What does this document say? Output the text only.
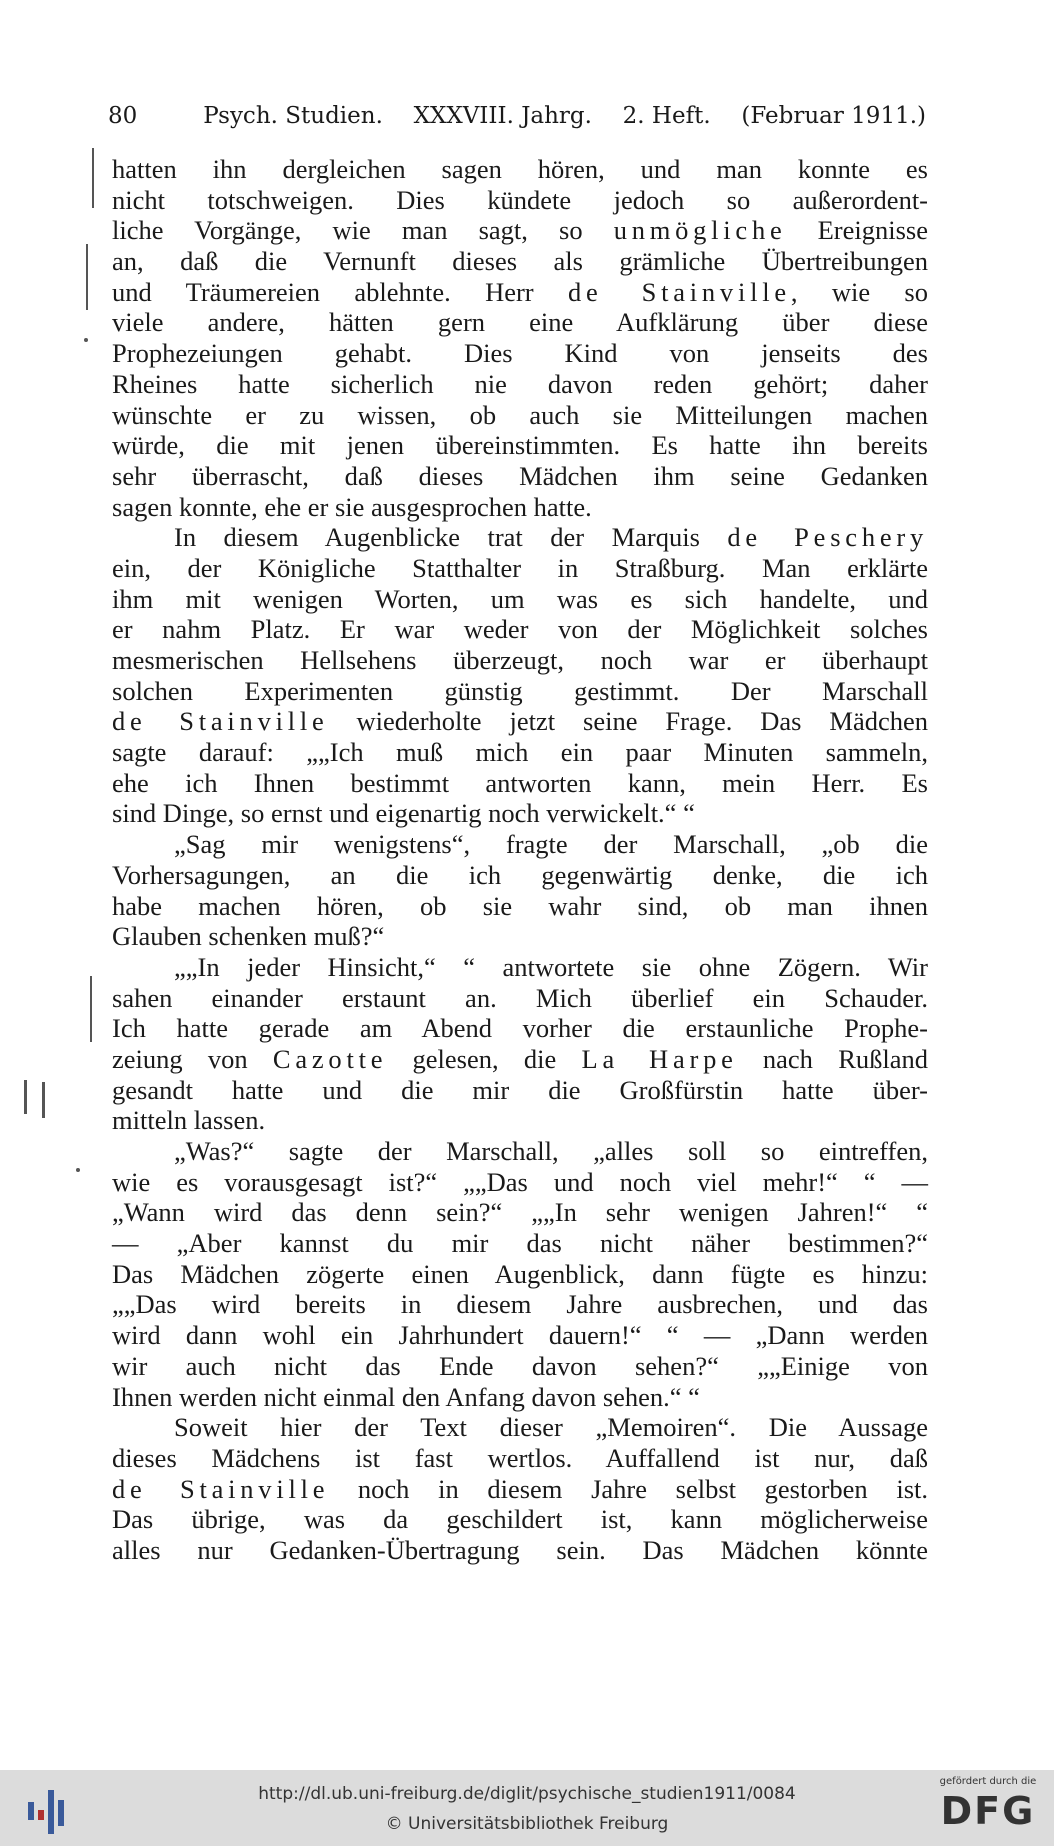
80	Psych. Studien. XXXVIII. Jahrg. 2. Heft. (Februar 1911.)
hatten ihn dergleichen sagen hören, und man konnte es
nicht totschweigen. Dies kündete jedoch so außerordent-
liche Vorgänge, wie man sagt, so unmögliche Ereignisse
an, daß die Vernunft dieses als grämliche Übertreibungen
und Träumereien ablehnte. Herr de Stainville, wie so
viele andere, hätten gern eine Aufklärung über diese
Prophezeiungen gehabt. Dies Kind von jenseits des
Rheines hatte sicherlich nie davon reden gehört; daher
wünschte er zu wissen, ob auch sie Mitteilungen machen
würde, die mit jenen übereinstimmten. Es hatte ihn bereits
sehr überrascht, daß dieses Mädchen ihm seine Gedanken
sagen konnte, ehe er sie ausgesprochen hatte.
In diesem Augenblicke trat der Marquis de Peschery
ein, der Königliche Statthalter in Straßburg. Man erklärte
ihm mit wenigen Worten, um was es sich handelte, und
er nahm Platz. Er war weder von der Möglichkeit solches
mesmerischen Hellsehens überzeugt, noch war er überhaupt
solchen Experimenten günstig gestimmt. Der Marschall
de Stainville wiederholte jetzt seine Frage. Das Mädchen
sagte darauf: „„Ich muß mich ein paar Minuten sammeln,
ehe ich Ihnen bestimmt antworten kann, mein Herr. Es
sind Dinge, so ernst und eigenartig noch verwickelt.“ “
„Sag mir wenigstens“, fragte der Marschall, „ob die
Vorhersagungen, an die ich gegenwärtig denke, die ich
habe machen hören, ob sie wahr sind, ob man ihnen
Glauben schenken muß?“
„„In jeder Hinsicht,“ “ antwortete sie ohne Zögern. Wir
sahen einander erstaunt an. Mich überlief ein Schauder.
Ich hatte gerade am Abend vorher die erstaunliche Prophe-
zeiung von Cazotte gelesen, die La Harpe nach Rußland
gesandt hatte und die mir die Großfürstin hatte über-
mitteln lassen.
„Was?“ sagte der Marschall, „alles soll so eintreffen,
wie es vorausgesagt ist?“ „„Das und noch viel mehr!“ “ —
„Wann wird das denn sein?“ „„In sehr wenigen Jahren!“ “
— „Aber kannst du mir das nicht näher bestimmen?“
Das Mädchen zögerte einen Augenblick, dann fügte es hinzu:
„„Das wird bereits in diesem Jahre ausbrechen, und das
wird dann wohl ein Jahrhundert dauern!“ “ — „Dann werden
wir auch nicht das Ende davon sehen?“ „„Einige von
Ihnen werden nicht einmal den Anfang davon sehen.“ “
Soweit hier der Text dieser „Memoiren“. Die Aussage
dieses Mädchens ist fast wertlos. Auffallend ist nur, daß
de Stainville noch in diesem Jahre selbst gestorben ist.
Das übrige, was da geschildert ist, kann möglicherweise
alles nur Gedanken-Übertragung sein. Das Mädchen könnte
http://dl.ub.uni-freiburg.de/diglit/psychische_studien1911/0084
© Universitätsbibliothek Freiburg
gefördert durch die
DFG
